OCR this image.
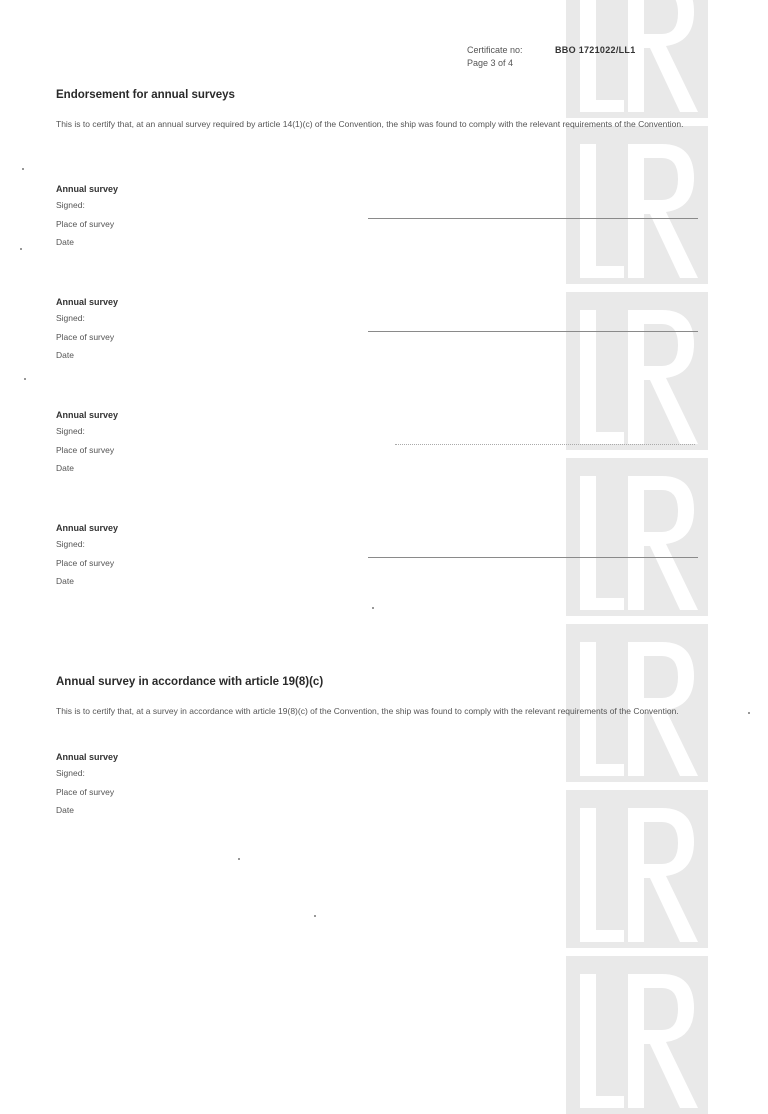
Certificate no:	BBO 1721022/LL1
Page 3 of 4
Endorsement for annual surveys
This is to certify that, at an annual survey required by article 14(1)(c) of the Convention, the ship was found to comply with the relevant requirements of the Convention.
Annual survey
Signed:
Place of survey
Date
Annual survey
Signed:
Place of survey
Date
Annual survey
Signed:
Place of survey
Date
Annual survey
Signed:
Place of survey
Date
Annual survey in accordance with article 19(8)(c)
This is to certify that, at a survey in accordance with article 19(8)(c) of the Convention, the ship was found to comply with the relevant requirements of the Convention.
Annual survey
Signed:
Place of survey
Date
